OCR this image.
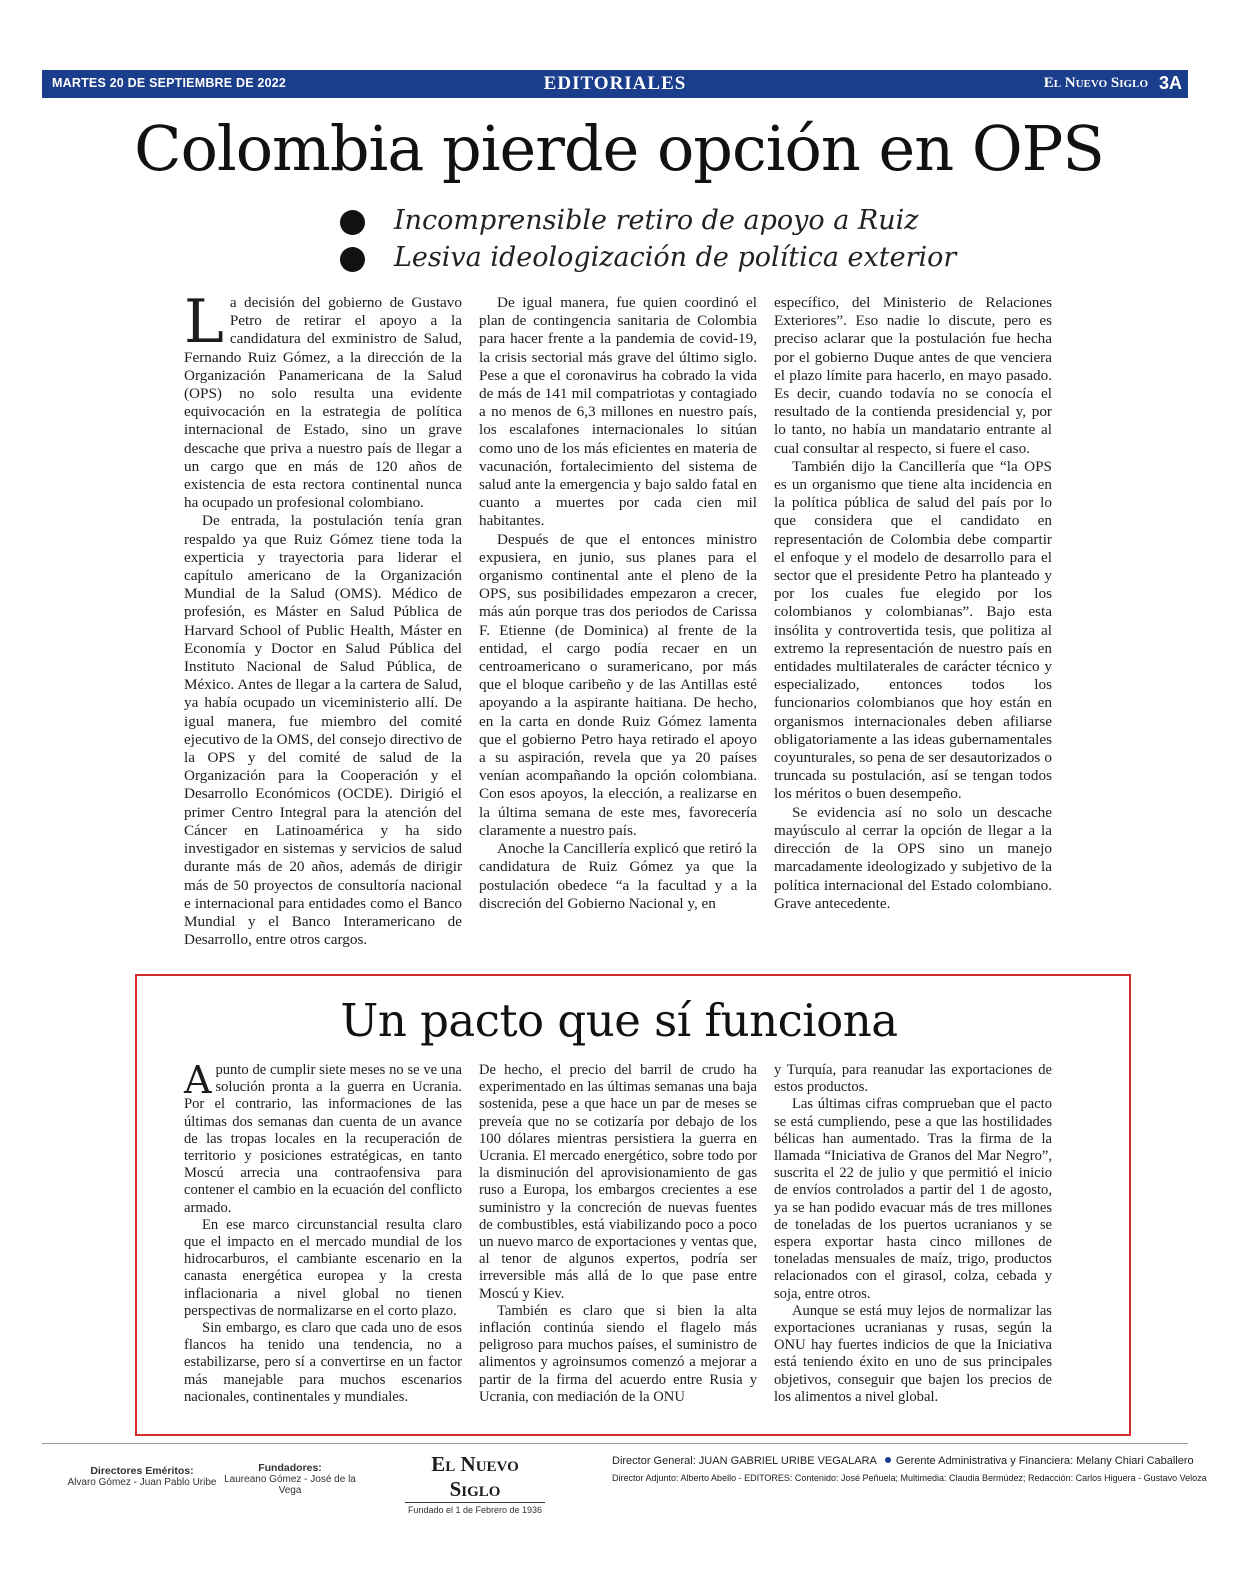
MARTES 20 DE SEPTIEMBRE DE 2022	EDITORIALES	El Nuevo Siglo 3A
Colombia pierde opción en OPS
Incomprensible retiro de apoyo a Ruiz
Lesiva ideologización de política exterior

La decisión del gobierno de Gustavo Petro de retirar el apoyo a la candidatura del exministro de Salud, Fernando Ruiz Gómez, a la dirección de la Organización Panamericana de la Salud (OPS) no solo resulta una evidente equivocación en la estrategia de política internacional de Estado, sino un grave descache que priva a nuestro país de llegar a un cargo que en más de 120 años de existencia de esta rectora continental nunca ha ocupado un profesional colombiano.

De entrada, la postulación tenía gran respaldo ya que Ruiz Gómez tiene toda la experticia y trayectoria para liderar el capítulo americano de la Organización Mundial de la Salud (OMS). Médico de profesión, es Máster en Salud Pública de Harvard School of Public Health, Máster en Economía y Doctor en Salud Pública del Instituto Nacional de Salud Pública, de México. Antes de llegar a la cartera de Salud, ya había ocupado un viceministerio allí. De igual manera, fue miembro del comité ejecutivo de la OMS, del consejo directivo de la OPS y del comité de salud de la Organización para la Cooperación y el Desarrollo Económicos (OCDE). Dirigió el primer Centro Integral para la atención del Cáncer en Latinoamérica y ha sido investigador en sistemas y servicios de salud durante más de 20 años, además de dirigir más de 50 proyectos de consultoría nacional e internacional para entidades como el Banco Mundial y el Banco Interamericano de Desarrollo, entre otros cargos.

De igual manera, fue quien coordinó el plan de contingencia sanitaria de Colombia para hacer frente a la pandemia de covid-19, la crisis sectorial más grave del último siglo. Pese a que el coronavirus ha cobrado la vida de más de 141 mil compatriotas y contagiado a no menos de 6,3 millones en nuestro país, los escalafones internacionales lo sitúan como uno de los más eficientes en materia de vacunación, fortalecimiento del sistema de salud ante la emergencia y bajo saldo fatal en cuanto a muertes por cada cien mil habitantes.

Después de que el entonces ministro expusiera, en junio, sus planes para el organismo continental ante el pleno de la OPS, sus posibilidades empezaron a crecer, más aún porque tras dos periodos de Carissa F. Etienne (de Dominica) al frente de la entidad, el cargo podía recaer en un centroamericano o suramericano, por más que el bloque caribeño y de las Antillas esté apoyando a la aspirante haitiana. De hecho, en la carta en donde Ruiz Gómez lamenta que el gobierno Petro haya retirado el apoyo a su aspiración, revela que ya 20 países venían acompañando la opción colombiana. Con esos apoyos, la elección, a realizarse en la última semana de este mes, favorecería claramente a nuestro país.

Anoche la Cancillería explicó que retiró la candidatura de Ruiz Gómez ya que la postulación obedece “a la facultad y a la discreción del Gobierno Nacional y, en

específico, del Ministerio de Relaciones Exteriores”. Eso nadie lo discute, pero es preciso aclarar que la postulación fue hecha por el gobierno Duque antes de que venciera el plazo límite para hacerlo, en mayo pasado. Es decir, cuando todavía no se conocía el resultado de la contienda presidencial y, por lo tanto, no había un mandatario entrante al cual consultar al respecto, si fuere el caso.

También dijo la Cancillería que “la OPS es un organismo que tiene alta incidencia en la política pública de salud del país por lo que considera que el candidato en representación de Colombia debe compartir el enfoque y el modelo de desarrollo para el sector que el presidente Petro ha planteado y por los cuales fue elegido por los colombianos y colombianas”. Bajo esta insólita y controvertida tesis, que politiza al extremo la representación de nuestro país en entidades multilaterales de carácter técnico y especializado, entonces todos los funcionarios colombianos que hoy están en organismos internacionales deben afiliarse obligatoriamente a las ideas gubernamentales coyunturales, so pena de ser desautorizados o truncada su postulación, así se tengan todos los méritos o buen desempeño.

Se evidencia así no solo un descache mayúsculo al cerrar la opción de llegar a la dirección de la OPS sino un manejo marcadamente ideologizado y subjetivo de la política internacional del Estado colombiano. Grave antecedente.

Un pacto que sí funciona

Apunto de cumplir siete meses no se ve una solución pronta a la guerra en Ucrania. Por el contrario, las informaciones de las últimas dos semanas dan cuenta de un avance de las tropas locales en la recuperación de territorio y posiciones estratégicas, en tanto Moscú arrecia una contraofensiva para contener el cambio en la ecuación del conflicto armado.

En ese marco circunstancial resulta claro que el impacto en el mercado mundial de los hidrocarburos, el cambiante escenario en la canasta energética europea y la cresta inflacionaria a nivel global no tienen perspectivas de normalizarse en el corto plazo.

Sin embargo, es claro que cada uno de esos flancos ha tenido una tendencia, no a estabilizarse, pero sí a convertirse en un factor más manejable para muchos escenarios nacionales, continentales y mundiales.

De hecho, el precio del barril de crudo ha experimentado en las últimas semanas una baja sostenida, pese a que hace un par de meses se preveía que no se cotizaría por debajo de los 100 dólares mientras persistiera la guerra en Ucrania. El mercado energético, sobre todo por la disminución del aprovisionamiento de gas ruso a Europa, los embargos crecientes a ese suministro y la concreción de nuevas fuentes de combustibles, está viabilizando poco a poco un nuevo marco de exportaciones y ventas que, al tenor de algunos expertos, podría ser irreversible más allá de lo que pase entre Moscú y Kiev.

También es claro que si bien la alta inflación continúa siendo el flagelo más peligroso para muchos países, el suministro de alimentos y agroinsumos comenzó a mejorar a partir de la firma del acuerdo entre Rusia y Ucrania, con mediación de la ONU

y Turquía, para reanudar las exportaciones de estos productos.

Las últimas cifras comprueban que el pacto se está cumpliendo, pese a que las hostilidades bélicas han aumentado. Tras la firma de la llamada “Iniciativa de Granos del Mar Negro”, suscrita el 22 de julio y que permitió el inicio de envíos controlados a partir del 1 de agosto, ya se han podido evacuar más de tres millones de toneladas de los puertos ucranianos y se espera exportar hasta cinco millones de toneladas mensuales de maíz, trigo, productos relacionados con el girasol, colza, cebada y soja, entre otros.

Aunque se está muy lejos de normalizar las exportaciones ucranianas y rusas, según la ONU hay fuertes indicios de que la Iniciativa está teniendo éxito en uno de sus principales objetivos, conseguir que bajen los precios de los alimentos a nivel global.

Directores Eméritos:
Alvaro Gómez - Juan Pablo Uribe
Fundadores:
Laureano Gómez - José de la Vega
El Nuevo Siglo
Fundado el 1 de Febrero de 1936
Director General: JUAN GABRIEL URIBE VEGALARA Gerente Administrativa y Financiera: Melany Chiari Caballero
Director Adjunto: Alberto Abello - EDITORES: Contenido: José Peñuela; Multimedia: Claudia Bermúdez; Redacción: Carlos Higuera - Gustavo Veloza
